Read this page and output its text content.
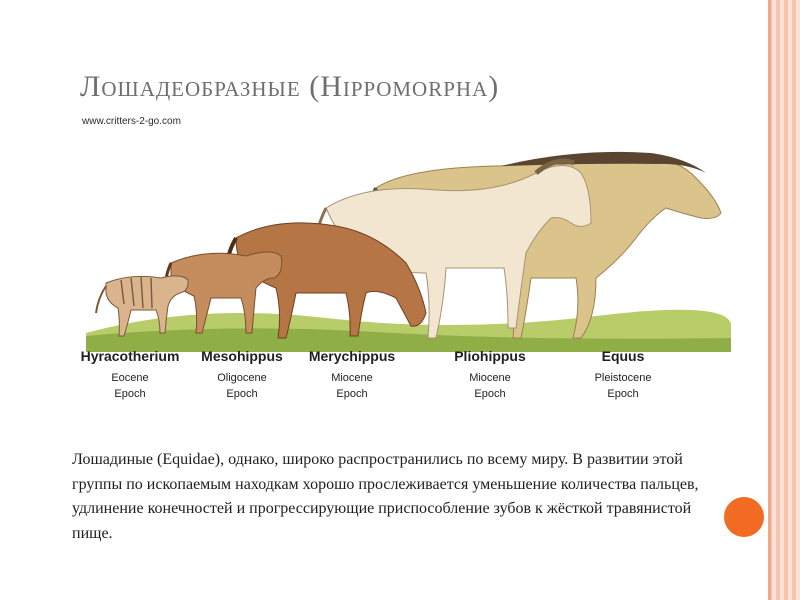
Лошадеобразные (Hippomorpha)
www.critters-2-go.com
Hyracotherium
Eocene
Epoch
Mesohippus
Oligocene
Epoch
Merychippus
Miocene
Epoch
Pliohippus
Miocene
Epoch
Equus
Pleistocene
Epoch

Лошадиные (Equidae), однако, широко распространились по всему миру. В развитии этой группы по ископаемым находкам хорошо прослеживается уменьшение количества пальцев, удлинение конечностей и прогрессирующие приспособление зубов к жёсткой травянистой пище.
